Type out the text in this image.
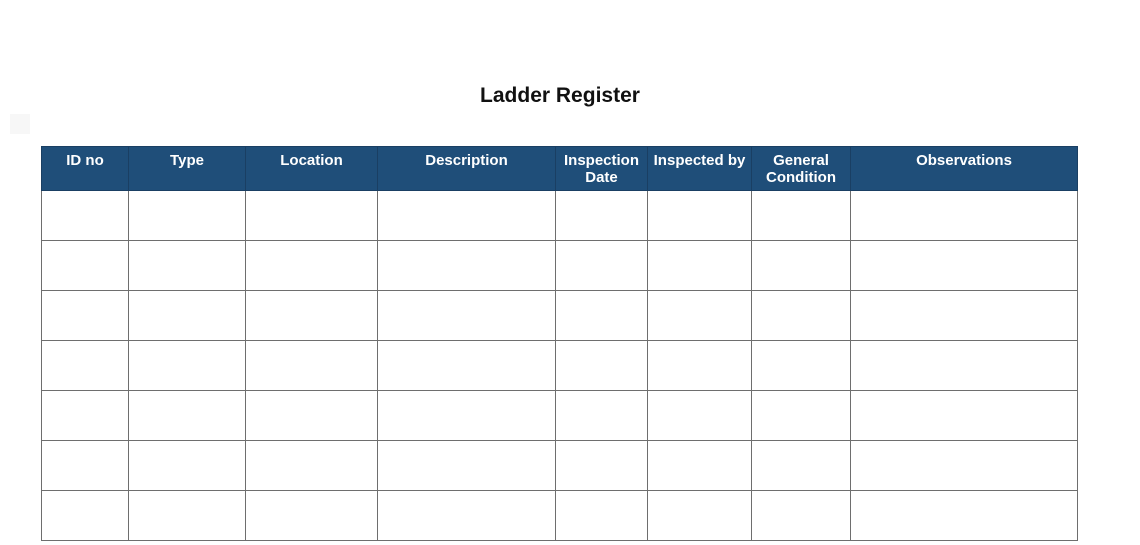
Ladder Register
ID no	Type	Location	Description	Inspection Date	Inspected by	General Condition	Observations
